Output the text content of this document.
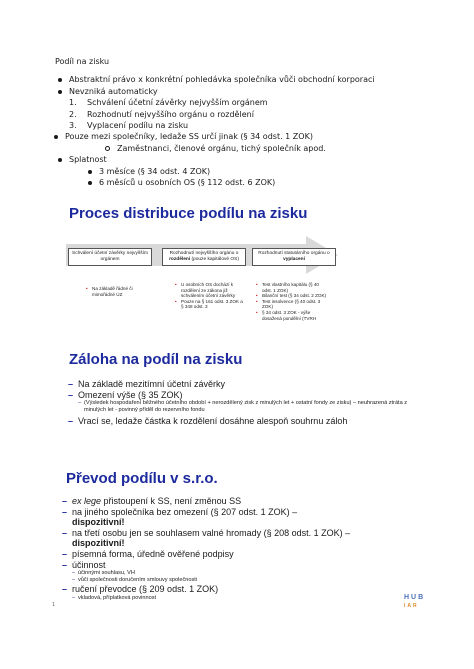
Podíl na zisku
Abstraktní právo x konkrétní pohledávka společníka vůči obchodní korporaci
Nevzniká automaticky
1. Schválení účetní závěrky nejvyšším orgánem
2. Rozhodnutí nejvyššího orgánu o rozdělení
3. Vyplacení podílu na zisku
Pouze mezi společníky, ledaže SS určí jinak (§ 34 odst. 1 ZOK)
Zaměstnanci, členové orgánu, tichý společník apod.
Splatnost
3 měsíce (§ 34 odst. 4 ZOK)
6 měsíců u osobních OS (§ 112 odst. 6 ZOK)
Proces distribuce podílu na zisku
Schválení účetní závěrky nejvyšším orgánem
Rozhodnutí nejvyššího orgánu o rozdělení (pouze kapitálové OS)
Rozhodnutí statutárního orgánu o vyplacení
• Na základě řádné či mimořádné ÚZ
• U osobních OS dochází k rozdělení ze zákona již schválením účetní závěrky
• Pouze na § 161 odst. 3 ZOK a § 348 odst. 3
• Test vlastního kapitálu (§ 40 odst. 1 ZOK)
• Bilanční test (§ 34 odst. 2 ZOK)
• Test insolvence (§ 40 odst. 3 ZOK)
• § 34 odst. 3 ZOK - výše dosažená pondělní (TVRH
Záloha na podíl na zisku
– Na základě mezitímní účetní závěrky
– Omezení výše (§ 35 ZOK)
– (Výsledek hospodaření běžného účetního období + nerozdělený zisk z minulých let + ostatní fondy ze zisku) – neuhrazená ztráta z minulých let - povinný příděl do rezervního fondu
– Vrací se, ledaže částka k rozdělení dosáhne alespoň souhrnu záloh
Převod podílu v s.r.o.
– ex lege přistoupení k SS, není změnou SS
– na jiného společníka bez omezení (§ 207 odst. 1 ZOK) –
dispozitivní!
– na třetí osobu jen se souhlasem valné hromady (§ 208 odst. 1 ZOK) – dispozitivní!
– písemná forma, úředně ověřené podpisy
– účinnost
– účinnými souhlasu, VH
– vůči společnosti doručením smlouvy společnosti
– ručení převodce (§ 209 odst. 1 ZOK)
– vkladová, příplatková povinnost
1
HUB
IAR
